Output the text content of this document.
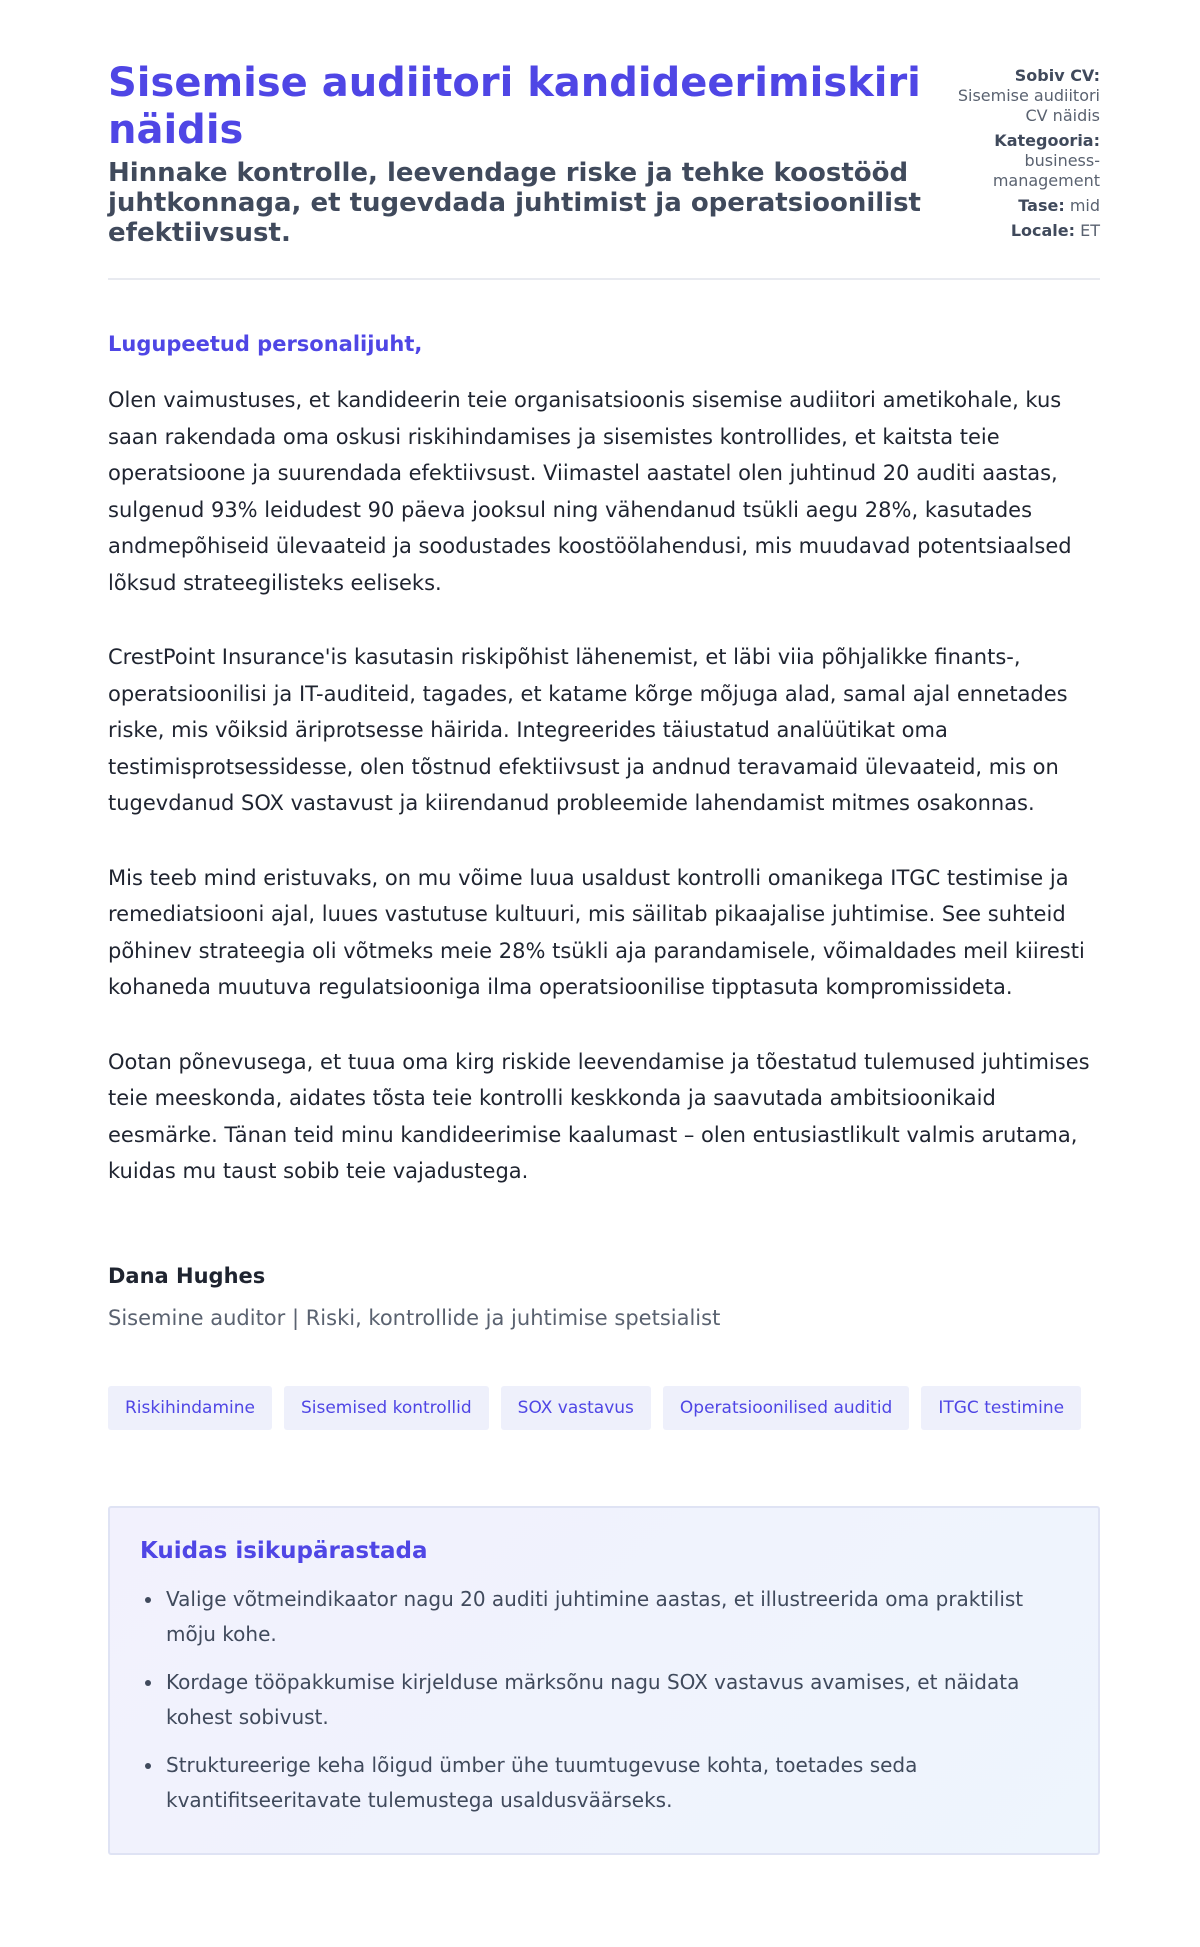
Sisemise audiitori kandideerimiskiri näidis

Hinnake kontrolle, leevendage riske ja tehke koostööd juhtkonnaga, et tugevdada juhtimist ja operatsioonilist efektiivsust.

Sobiv CV:
Sisemise audiitori CV näidis
Kategooria:
business-management
Tase: mid
Locale: ET

Lugupeetud personalijuht,

Olen vaimustuses, et kandideerin teie organisatsioonis sisemise audiitori ametikohale, kus saan rakendada oma oskusi riskihindamises ja sisemistes kontrollides, et kaitsta teie operatsioone ja suurendada efektiivsust. Viimastel aastatel olen juhtinud 20 auditi aastas, sulgenud 93% leidudest 90 päeva jooksul ning vähendanud tsükli aegu 28%, kasutades andmepõhiseid ülevaateid ja soodustades koostöölahendusi, mis muudavad potentsiaalsed lõksud strateegilisteks eeliseks.

CrestPoint Insurance'is kasutasin riskipõhist lähenemist, et läbi viia põhjalikke finants-, operatsioonilisi ja IT-auditeid, tagades, et katame kõrge mõjuga alad, samal ajal ennetades riske, mis võiksid äriprotsesse häirida. Integreerides täiustatud analüütikat oma testimisprotsessidesse, olen tõstnud efektiivsust ja andnud teravamaid ülevaateid, mis on tugevdanud SOX vastavust ja kiirendanud probleemide lahendamist mitmes osakonnas.

Mis teeb mind eristuvaks, on mu võime luua usaldust kontrolli omanikega ITGC testimise ja remediatsiooni ajal, luues vastutuse kultuuri, mis säilitab pikaajalise juhtimise. See suhteid põhinev strateegia oli võtmeks meie 28% tsükli aja parandamisele, võimaldades meil kiiresti kohaneda muutuva regulatsiooniga ilma operatsioonilise tipptasuta kompromissideta.

Ootan põnevusega, et tuua oma kirg riskide leevendamise ja tõestatud tulemused juhtimises teie meeskonda, aidates tõsta teie kontrolli keskkonda ja saavutada ambitsioonikaid eesmärke. Tänan teid minu kandideerimise kaalumast – olen entusiastlikult valmis arutama, kuidas mu taust sobib teie vajadustega.

Dana Hughes
Sisemine auditor | Riski, kontrollide ja juhtimise spetsialist
Riskihindamine	Sisemised kontrollid	SOX vastavus	Operatsioonilised auditid	ITGC testimine
Kuidas isikupärastada
• Valige võtmeindikaator nagu 20 auditi juhtimine aastas, et illustreerida oma praktilist mõju kohe.
• Kordage tööpakkumise kirjelduse märksõnu nagu SOX vastavus avamises, et näidata kohest sobivust.
• Struktureerige keha lõigud ümber ühe tuumtugevuse kohta, toetades seda kvantifitseeritavate tulemustega usaldusväärseks.
